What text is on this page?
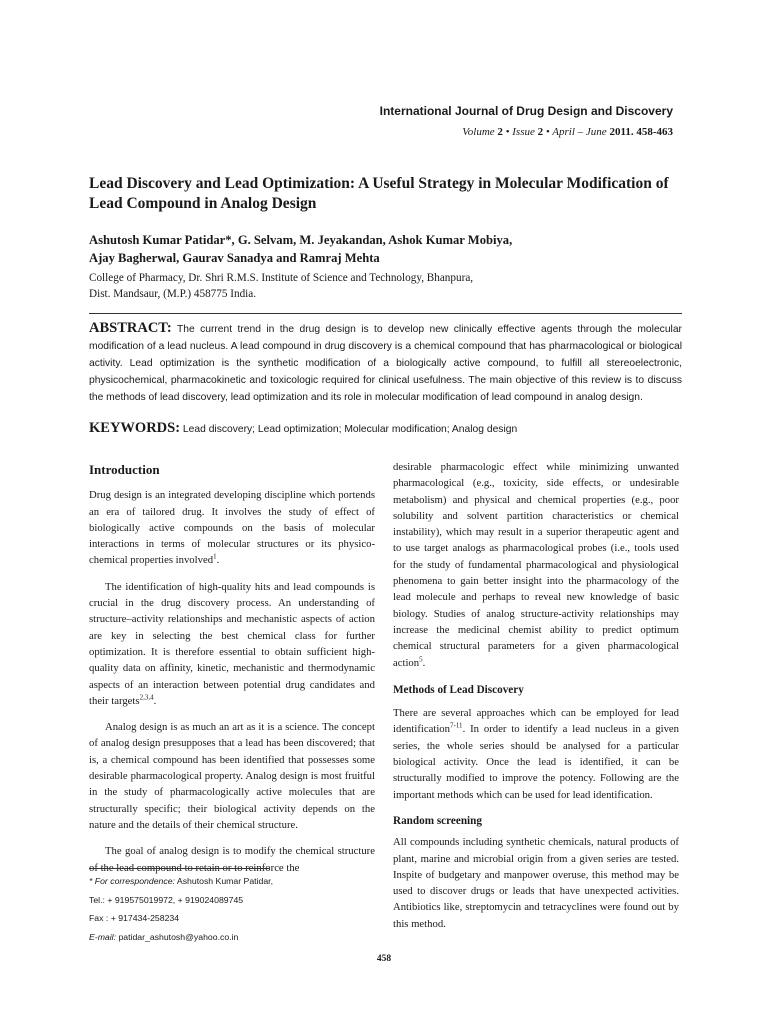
International Journal of Drug Design and Discovery

Volume 2 • Issue 2 • April – June 2011. 458-463

Lead Discovery and Lead Optimization: A Useful Strategy in Molecular Modification of Lead Compound in Analog Design
Ashutosh Kumar Patidar*, G. Selvam, M. Jeyakandan, Ashok Kumar Mobiya,
Ajay Bagherwal, Gaurav Sanadya and Ramraj Mehta
College of Pharmacy, Dr. Shri R.M.S. Institute of Science and Technology, Bhanpura,
Dist. Mandsaur, (M.P.) 458775 India.

ABSTRACT: The current trend in the drug design is to develop new clinically effective agents through the molecular modification of a lead nucleus. A lead compound in drug discovery is a chemical compound that has pharmacological or biological activity. Lead optimization is the synthetic modification of a biologically active compound, to fulfill all stereoelectronic, physicochemical, pharmacokinetic and toxicologic required for clinical usefulness. The main objective of this review is to discuss the methods of lead discovery, lead optimization and its role in molecular modification of lead compound in analog design.

KEYWORDS: Lead discovery; Lead optimization; Molecular modification; Analog design

Introduction

Drug design is an integrated developing discipline which portends an era of tailored drug. It involves the study of effect of biologically active compounds on the basis of molecular interactions in terms of molecular structures or its physico-chemical properties involved$^1$.

The identification of high-quality hits and lead compounds is crucial in the drug discovery process. An understanding of structure–activity relationships and mechanistic aspects of action are key in selecting the best chemical class for further optimization. It is therefore essential to obtain sufficient high-quality data on affinity, kinetic, mechanistic and thermodynamic aspects of an interaction between potential drug candidates and their targets$^{2,3,4}$.

Analog design is as much an art as it is a science. The concept of analog design presupposes that a lead has been discovered; that is, a chemical compound has been identified that possesses some desirable pharmacological property. Analog design is most fruitful in the study of pharmacologically active molecules that are structurally specific; their biological activity depends on the nature and the details of their chemical structure.

The goal of analog design is to modify the chemical structure of the lead compound to retain or to reinforce the

* For correspondence: Ashutosh Kumar Patidar,
Tel.: + 919575019972, + 919024089745
Fax : + 917434-258234
E-mail: patidar_ashutosh@yahoo.co.in

desirable pharmacologic effect while minimizing unwanted pharmacological (e.g., toxicity, side effects, or undesirable metabolism) and physical and chemical properties (e.g., poor solubility and solvent partition characteristics or chemical instability), which may result in a superior therapeutic agent and to use target analogs as pharmacological probes (i.e., tools used for the study of fundamental pharmacological and physiological phenomena to gain better insight into the pharmacology of the lead molecule and perhaps to reveal new knowledge of basic biology. Studies of analog structure-activity relationships may increase the medicinal chemist ability to predict optimum chemical structural parameters for a given pharmacological action$^5$.

Methods of Lead Discovery

There are several approaches which can be employed for lead identification$^{7-11}$. In order to identify a lead nucleus in a given series, the whole series should be analysed for a particular biological activity. Once the lead is identified, it can be structurally modified to improve the potency. Following are the important methods which can be used for lead identification.

Random screening

All compounds including synthetic chemicals, natural products of plant, marine and microbial origin from a given series are tested. Inspite of budgetary and manpower overuse, this method may be used to discover drugs or leads that have unexpected activities. Antibiotics like, streptomycin and tetracyclines were found out by this method.

458
